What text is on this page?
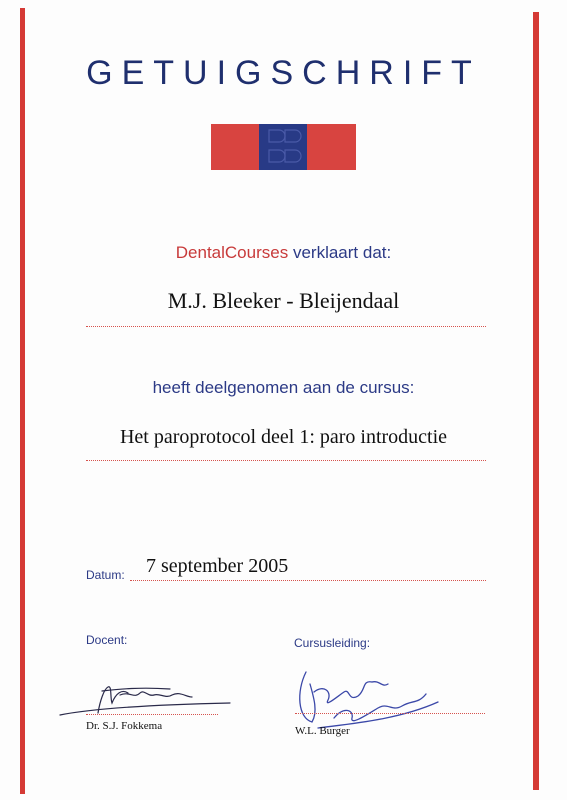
GETUIGSCHRIFT
DentalCourses verklaart dat:
M.J. Bleeker - Bleijendaal
heeft deelgenomen aan de cursus:
Het paroprotocol deel 1: paro introductie
Datum: 7 september 2005
Docent:	Cursusleiding:
Dr. S.J. Fokkema	W.L. Burger
